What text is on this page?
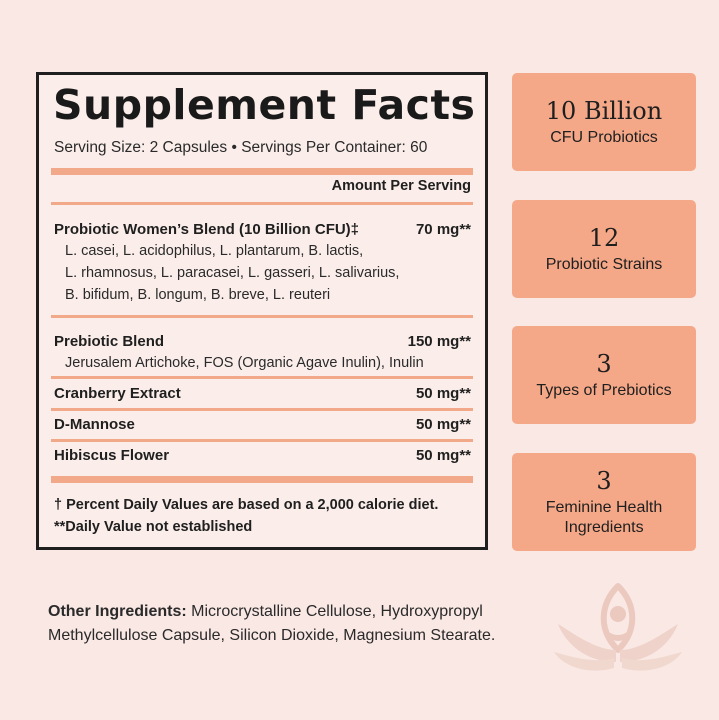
Supplement Facts
Serving Size: 2 Capsules • Servings Per Container: 60
Amount Per Serving
Probiotic Women’s Blend (10 Billion CFU)‡	70 mg**
L. casei, L. acidophilus, L. plantarum, B. lactis,
L. rhamnosus, L. paracasei, L. gasseri, L. salivarius,
B. bifidum, B. longum, B. breve, L. reuteri
Prebiotic Blend	150 mg**
Jerusalem Artichoke, FOS (Organic Agave Inulin), Inulin
Cranberry Extract	50 mg**
D-Mannose	50 mg**
Hibiscus Flower	50 mg**
† Percent Daily Values are based on a 2,000 calorie diet.
**Daily Value not established
10 Billion
CFU Probiotics
12
Probiotic Strains
3
Types of Prebiotics
3
Feminine Health Ingredients
Other Ingredients: Microcrystalline Cellulose, Hydroxypropyl Methylcellulose Capsule, Silicon Dioxide, Magnesium Stearate.
